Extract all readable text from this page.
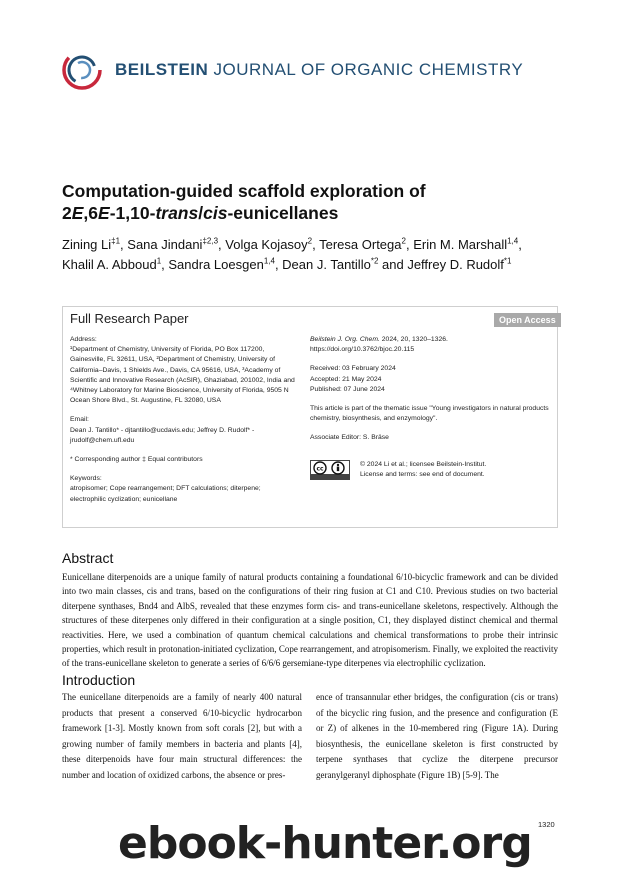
BEILSTEIN JOURNAL OF ORGANIC CHEMISTRY
Computation-guided scaffold exploration of
2E,6E-1,10-trans/cis-eunicellanes
Zining Li$^{\ddagger 1}$, Sana Jindani$^{\ddagger 2,3}$, Volga Kojasoy$^2$, Teresa Ortega$^2$, Erin M. Marshall$^{1,4}$,
Khalil A. Abboud$^1$, Sandra Loesgen$^{1,4}$, Dean J. Tantillo$^{*2}$ and Jeffrey D. Rudolf$^{*1}$
Full Research Paper	Open Access
Address:
¹Department of Chemistry, University of Florida, PO Box 117200, Gainesville, FL 32611, USA, ²Department of Chemistry, University of California–Davis, 1 Shields Ave., Davis, CA 95616, USA, ³Academy of Scientific and Innovative Research (AcSIR), Ghaziabad, 201002, India and ⁴Whitney Laboratory for Marine Bioscience, University of Florida, 9505 N Ocean Shore Blvd., St. Augustine, FL 32080, USA
Email:
Dean J. Tantillo* - djtantillo@ucdavis.edu; Jeffrey D. Rudolf* - jrudolf@chem.ufl.edu
* Corresponding author ‡ Equal contributors
Keywords:
atropisomer; Cope rearrangement; DFT calculations; diterpene; electrophilic cyclization; eunicellane
Beilstein J. Org. Chem. 2024, 20, 1320–1326.
https://doi.org/10.3762/bjoc.20.115
Received: 03 February 2024
Accepted: 21 May 2024
Published: 07 June 2024
This article is part of the thematic issue "Young investigators in natural products chemistry, biosynthesis, and enzymology".
Associate Editor: S. Bräse
cc
© 2024 Li et al.; licensee Beilstein-Institut.
License and terms: see end of document.
Abstract
Eunicellane diterpenoids are a unique family of natural products containing a foundational 6/10-bicyclic framework and can be divided into two main classes, cis and trans, based on the configurations of their ring fusion at C1 and C10. Previous studies on two bacterial diterpene synthases, Bnd4 and AlbS, revealed that these enzymes form cis- and trans-eunicellane skeletons, respectively. Although the structures of these diterpenes only differed in their configuration at a single position, C1, they displayed distinct chemical and thermal reactivities. Here, we used a combination of quantum chemical calculations and chemical transformations to probe their intrinsic properties, which result in protonation-initiated cyclization, Cope rearrangement, and atropisomerism. Finally, we exploited the reactivity of the trans-eunicellane skeleton to generate a series of 6/6/6 gersemiane-type diterpenes via electrophilic cyclization.
Introduction
The eunicellane diterpenoids are a family of nearly 400 natural products that present a conserved 6/10-bicyclic hydrocarbon framework [1-3]. Mostly known from soft corals [2], but with a growing number of family members in bacteria and plants [4], these diterpenoids have four main structural differences: the number and location of oxidized carbons, the absence or pres-
ence of transannular ether bridges, the configuration (cis or trans) of the bicyclic ring fusion, and the presence and configuration (E or Z) of alkenes in the 10-membered ring (Figure 1A). During biosynthesis, the eunicellane skeleton is first constructed by terpene synthases that cyclize the diterpene precursor geranylgeranyl diphosphate (Figure 1B) [5-9]. The
1320
ebook-hunter.org
